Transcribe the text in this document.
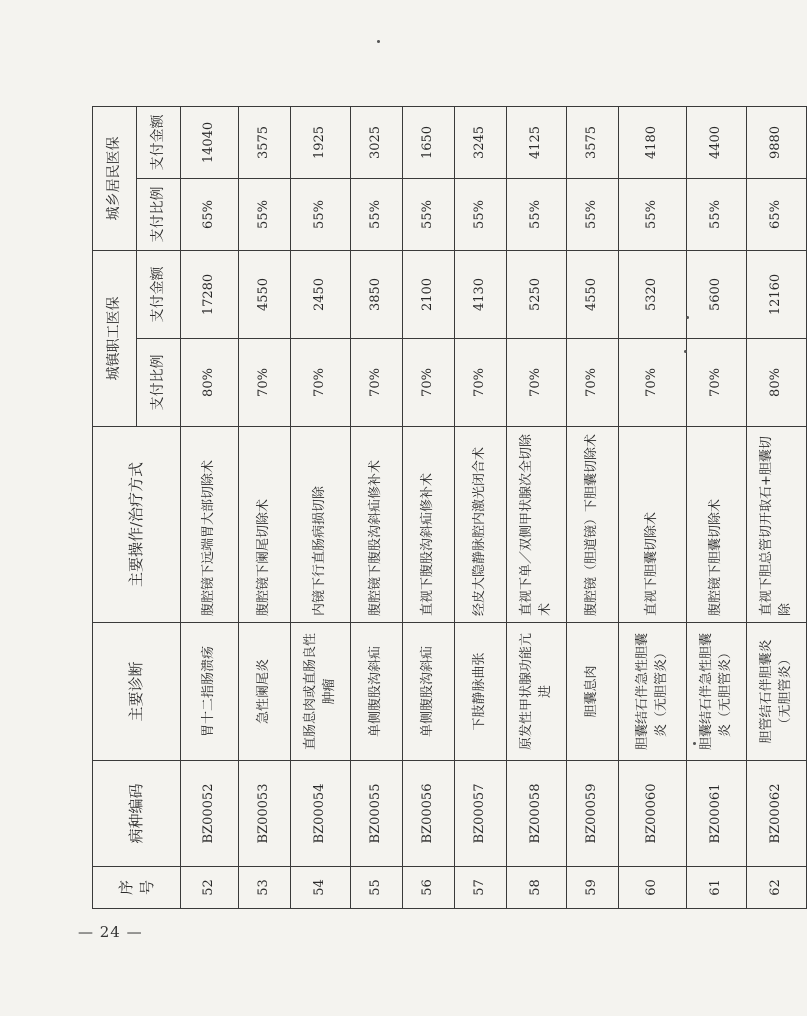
序号	病种编码	主要诊断	主要操作/治疗方式	城镇职工医保		城乡居民医保	
				支付比例	支付金额	支付比例	支付金额
52	BZ00052	胃十二指肠溃疡	腹腔镜下远端胃大部切除术	80%	17280	65%	14040
53	BZ00053	急性阑尾炎	腹腔镜下阑尾切除术	70%	4550	55%	3575
54	BZ00054	直肠息肉或直肠良性肿瘤	内镜下行直肠病损切除	70%	2450	55%	1925
55	BZ00055	单侧腹股沟斜疝	腹腔镜下腹股沟斜疝修补术	70%	3850	55%	3025
56	BZ00056	单侧腹股沟斜疝	直视下腹股沟斜疝修补术	70%	2100	55%	1650
57	BZ00057	下肢静脉曲张	经皮大隐静脉腔内激光闭合术	70%	4130	55%	3245
58	BZ00058	原发性甲状腺功能亢进	直视下单／双侧甲状腺次全切除术	70%	5250	55%	4125
59	BZ00059	胆囊息肉	腹腔镜（胆道镜）下胆囊切除术	70%	4550	55%	3575
60	BZ00060	胆囊结石伴急性胆囊炎（无胆管炎）	直视下胆囊切除术	70%	5320	55%	4180
61	BZ00061	胆囊结石伴急性胆囊炎（无胆管炎）	腹腔镜下胆囊切除术	70%	5600	55%	4400
62	BZ00062	胆管结石伴胆囊炎（无胆管炎）	直视下胆总管切开取石+胆囊切除	80%	12160	65%	9880
— 24 —
